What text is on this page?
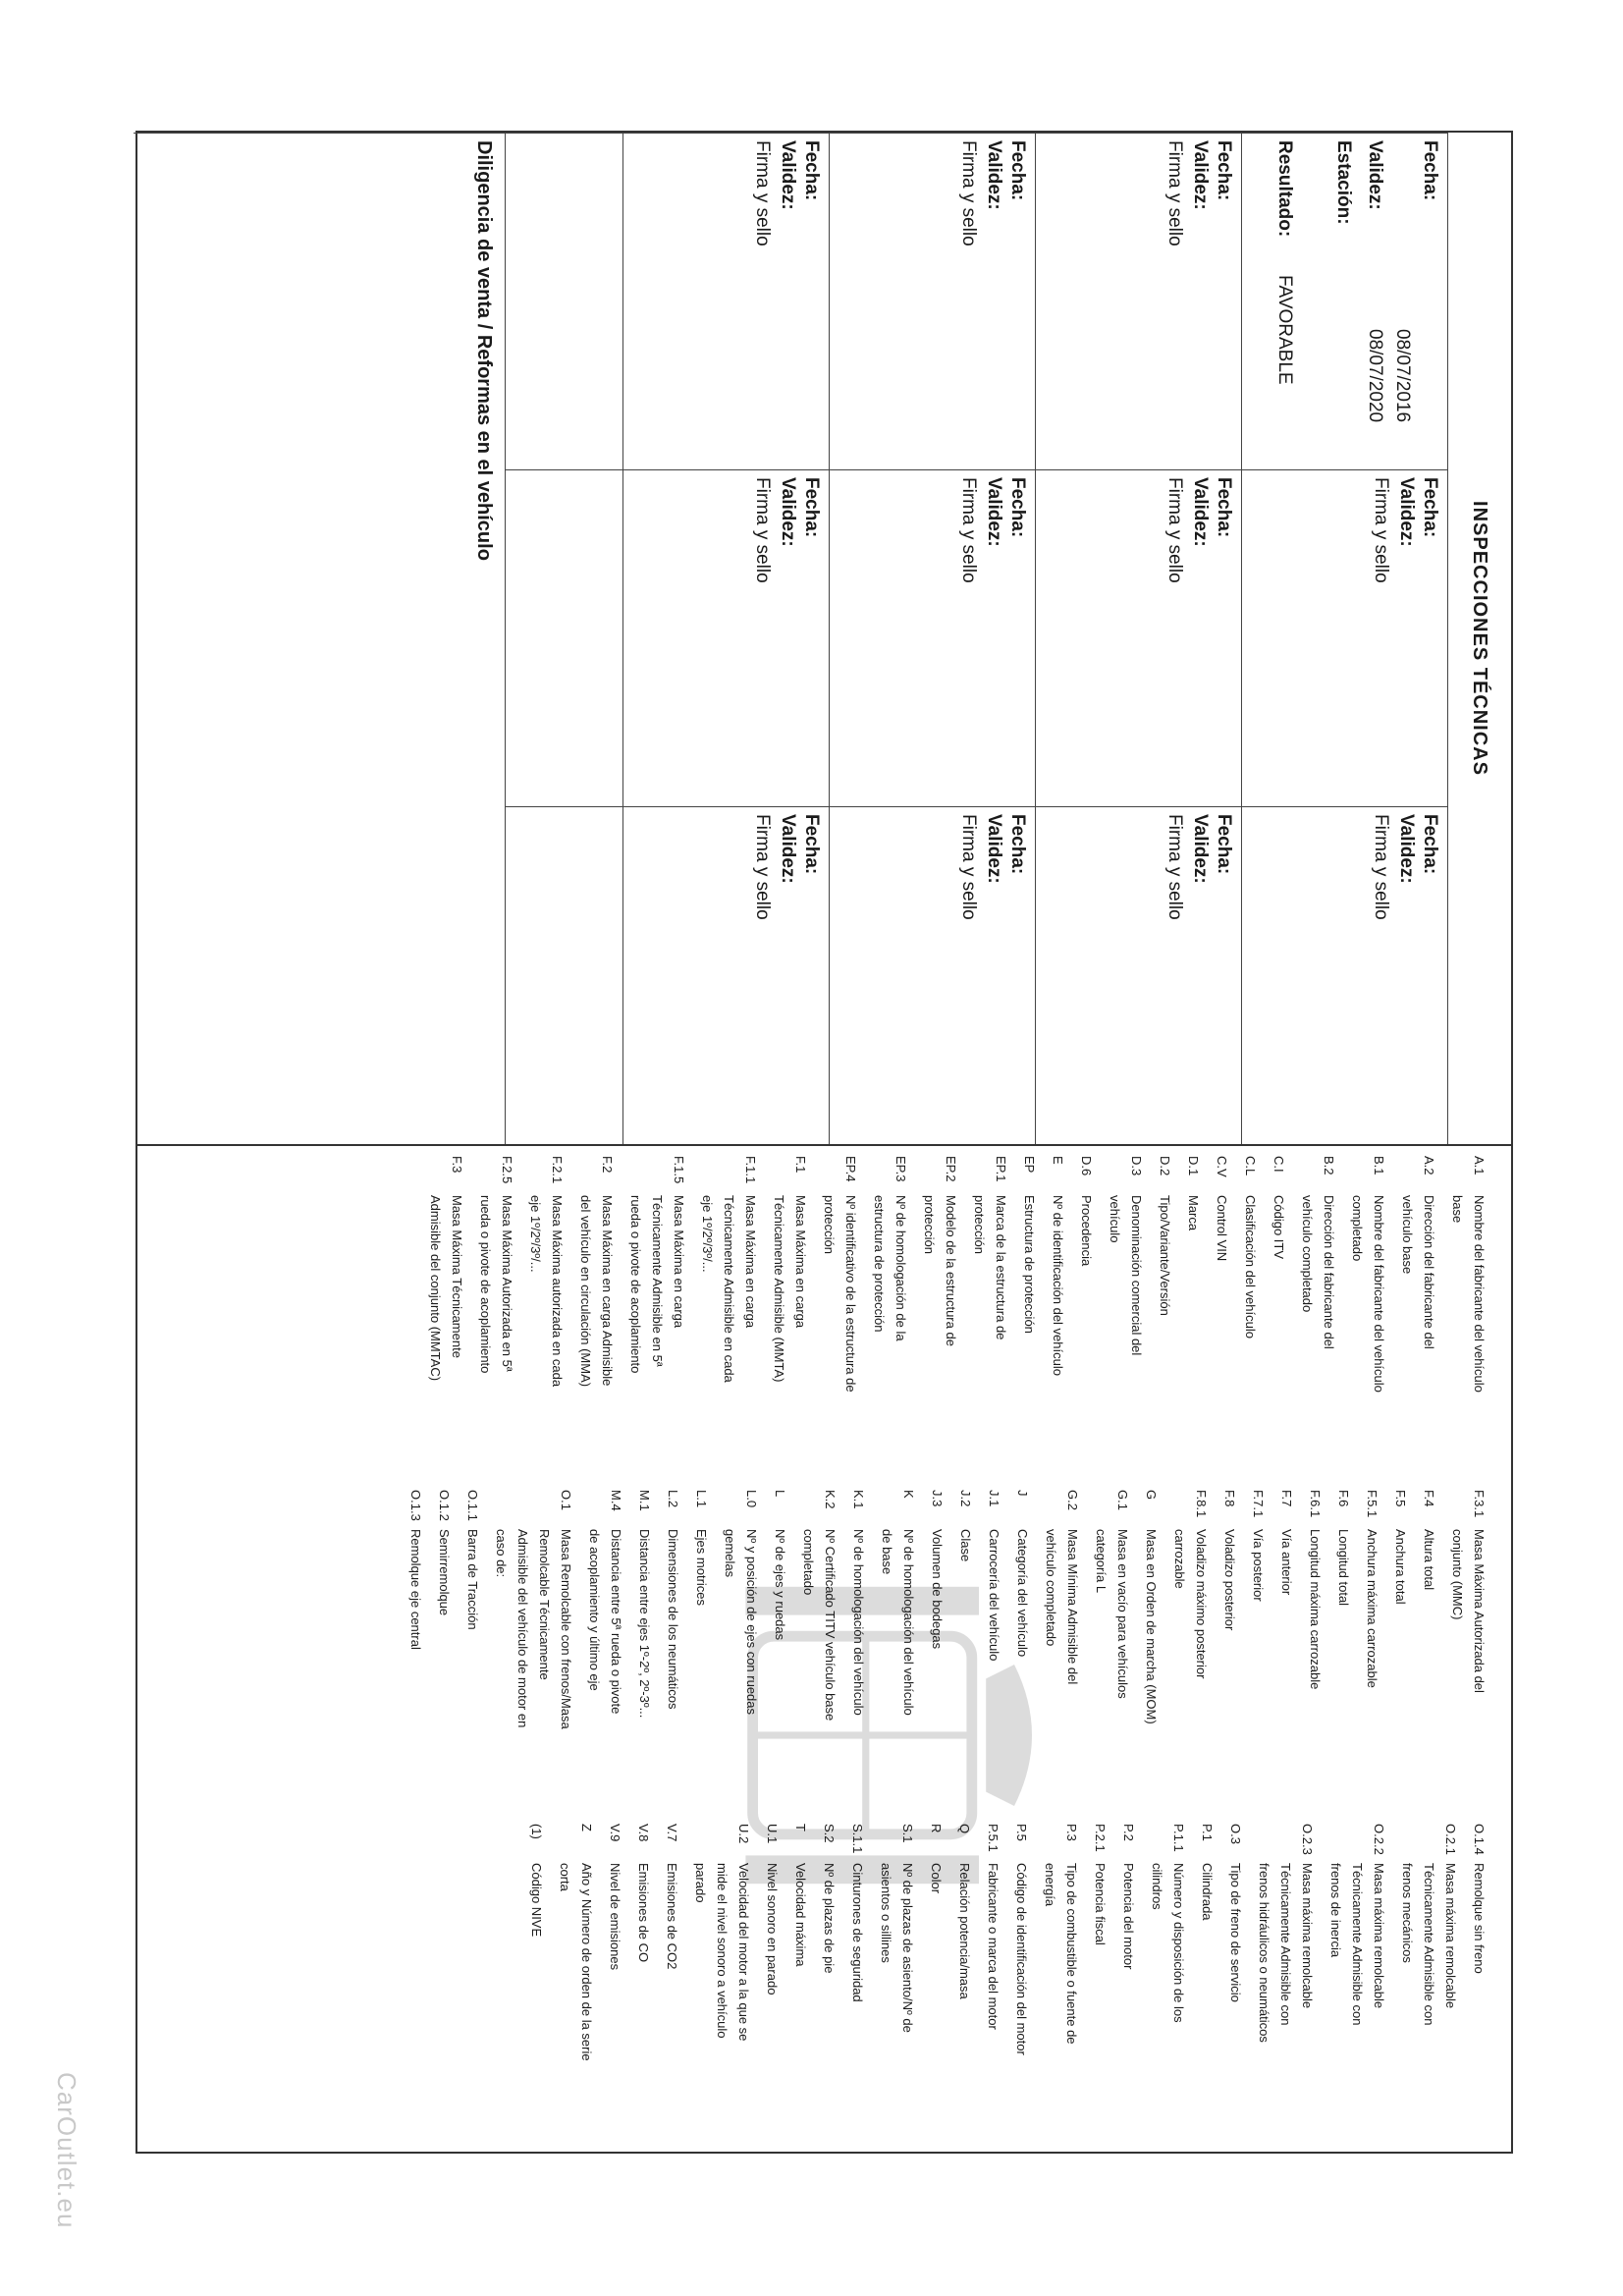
INSPECCIONES TÉCNICAS
Fecha:
08/07/2016
Validez:
08/07/2020
Estación:
Resultado:
FAVORABLE
Fecha:
Validez:
Firma y sello
Fecha:
Validez:
Firma y sello
Fecha:
Validez:
Firma y sello
Fecha:
Validez:
Firma y sello
Fecha:
Validez:
Firma y sello
Fecha:
Validez:
Firma y sello
Fecha:
Validez:
Firma y sello
Fecha:
Validez:
Firma y sello
Fecha:
Validez:
Firma y sello
Fecha:
Validez:
Firma y sello
Fecha:
Validez:
Firma y sello
Diligencia de venta / Reformas en el vehículo
A.1
Nombre del fabricante del vehículo base
A.2
Dirección del fabricante del vehículo base
B.1
Nombre del fabricante del vehículo completado
B.2
Dirección del fabricante del vehículo completado
C.I
Código ITV
C.L
Clasificación del vehículo
C.V
Control VIN
D.1
Marca
D.2
Tipo/Variante/Versión
D.3
Denominación comercial del vehículo
D.6
Procedencia
E
Nº de identificación del vehículo
EP
Estructura de protección
EP.1
Marca de la estructura de protección
EP.2
Modelo de la estructura de protección
EP.3
Nº de homologación de la estructura de protección
EP.4
Nº identificativo de la estructura de protección
F.1
Masa Máxima en carga Técnicamente Admisible (MMTA)
F.1.1
Masa Máxima en carga Técnicamente Admisible en cada eje 1º/2º/3º/...
F.1.5
Masa Máxima en carga Técnicamente Admisible en 5ª rueda o pivote de acoplamiento
F.2
Masa Máxima en carga Admisible del vehículo en circulación (MMA)
F.2.1
Masa Máxima autorizada en cada eje 1º/2º/3º/...
F.2.5
Masa Máxima Autorizada en 5ª rueda o pivote de acoplamiento
F.3
Masa Máxima Técnicamente Admisible del conjunto (MMTAC)
F.3.1
Masa Máxima Autorizada del conjunto (MMC)
F.4
Altura total
F.5
Anchura total
F.5.1
Anchura máxima carrozable
F.6
Longitud total
F.6.1
Longitud máxima carrozable
F.7
Vía anterior
F.7.1
Vía posterior
F.8
Voladizo posterior
F.8.1
Voladizo máximo posterior carrozable
G
Masa en Orden de marcha (MOM)
G.1
Masa en vacío para vehículos categoría L
G.2
Masa Mínima Admisible del vehículo completado
J
Categoría del vehículo
J.1
Carrocería del vehículo
J.2
Clase
J.3
Volumen de bodegas
K
Nº de homologación del vehículo de base
K.1
Nº de homologación del vehículo
K.2
Nº Certificado TITV vehículo base completado
L
Nº de ejes y ruedas
L.0
Nº y posición de ejes con ruedas gemelas
L.1
Ejes motrices
L.2
Dimensiones de los neumáticos
M.1
Distancia entre ejes 1º-2º, 2º-3º...
M.4
Distancia entre 5ª rueda o pivote de acoplamiento y último eje
O.1
Masa Remolcable con frenos/Masa Remolcable Técnicamente Admisible del vehículo de motor en caso de:
O.1.1
Barra de Tracción
O.1.2
Semirremolque
O.1.3
Remolque eje central
O.1.4
Remolque sin freno
O.2.1
Masa máxima remolcable Técnicamente Admisible con frenos mecánicos
O.2.2
Masa máxima remolcable Técnicamente Admisible con frenos de inercia
O.2.3
Masa máxima remolcable Técnicamente Admisible con frenos hidráulicos o neumáticos
O.3
Tipo de freno de servicio
P.1
Cilindrada
P.1.1
Número y disposición de los cilindros
P.2
Potencia del motor
P.2.1
Potencia fiscal
P.3
Tipo de combustible o fuente de energía
P.5
Código de identificación del motor
P.5.1
Fabricante o marca del motor
Q
Relación potencia/masa
R
Color
S.1
Nº de plazas de asiento/Nº de asientos o sillines
S.1.1
Cinturones de seguridad
S.2
Nº de plazas de pie
T
Velocidad máxima
U.1
Nivel sonoro en parado
U.2
Velocidad del motor a la que se mide el nivel sonoro a vehículo parado
V.7
Emisiones de CO2
V.8
Emisiones de CO
V.9
Nivel de emisiones
Z
Año y Número de orden de la serie corta
(1)
Código NIVE
CarOutlet.eu
